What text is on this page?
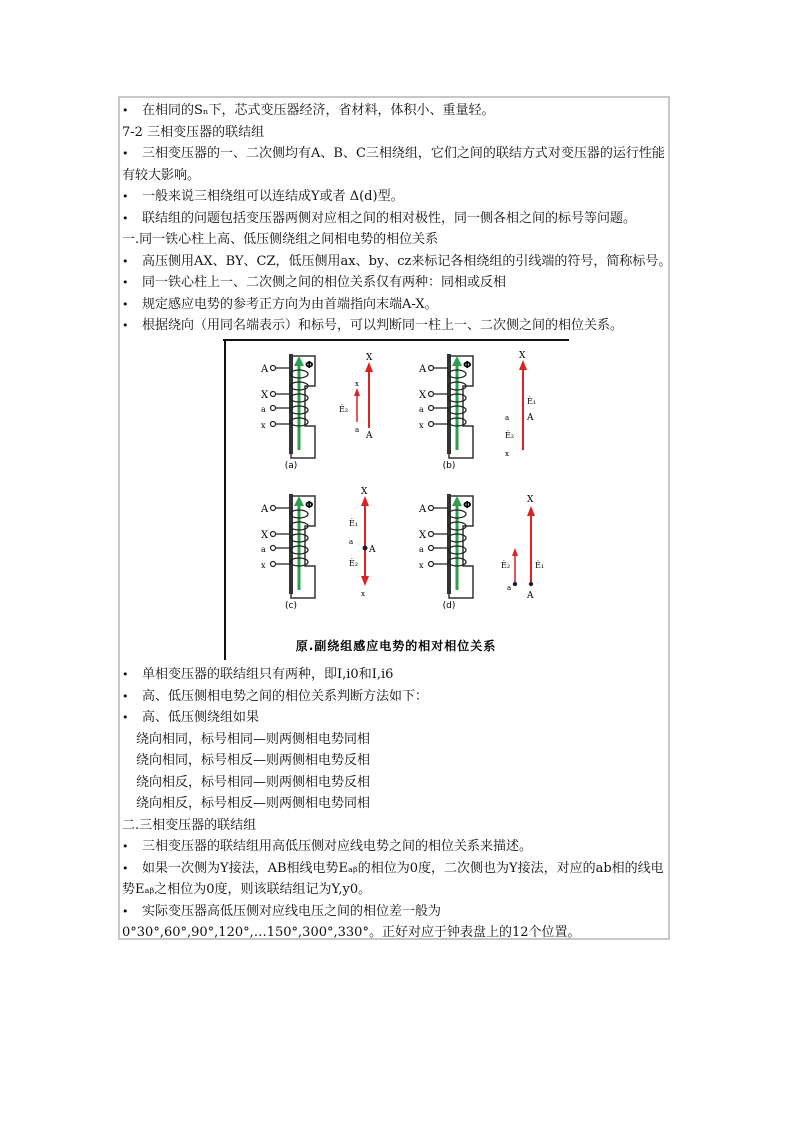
• 在相同的Sₙ下，芯式变压器经济，省材料，体积小、重量轻。
7-2 三相变压器的联结组
• 三相变压器的一、二次侧均有A、B、C三相绕组，它们之间的联结方式对变压器的运行性能有较大影响。
• 一般来说三相绕组可以连结成Y或者 Δ(d)型。
• 联结组的问题包括变压器两侧对应相之间的相对极性，同一侧各相之间的标号等问题。
一.同一铁心柱上高、低压侧绕组之间相电势的相位关系
• 高压侧用AX、BY、CZ，低压侧用ax、by、cz来标记各相绕组的引线端的符号，简称标号。
• 同一铁心柱上一、二次侧之间的相位关系仅有两种：同相或反相
• 规定感应电势的参考正方向为由首端指向末端A-X。
• 根据绕向（用同名端表示）和标号，可以判断同一柱上一、二次侧之间的相位关系。
Φ
A
X
a
x
(a)
X
A
Ė₂
x
a
Φ
A
X
a
x
(b)
X
Ė₁
A
a
Ė₂
x
Φ
A
X
a
x
(c)
X
Ė₁
A
a
Ė₂
x
Φ
A
X
a
x
(d)
X
Ė₂	Ė₁
a
A
原.副绕组感应电势的相对相位关系
• 单相变压器的联结组只有两种，即I,i0和I,i6
• 高、低压侧相电势之间的相位关系判断方法如下：
• 高、低压侧绕组如果
绕向相同，标号相同—则两侧相电势同相
绕向相同，标号相反—则两侧相电势反相
绕向相反，标号相同—则两侧相电势反相
绕向相反，标号相反—则两侧相电势同相
二.三相变压器的联结组
• 三相变压器的联结组用高低压侧对应线电势之间的相位关系来描述。
• 如果一次侧为Y接法，AB相线电势Eₐᵦ的相位为0度，二次侧也为Y接法，对应的ab相的线电势Eₐᵦ之相位为0度，则该联结组记为Y,y0。
• 实际变压器高低压侧对应线电压之间的相位差一般为
0°30°,60°,90°,120°,…150°,300°,330°。正好对应于钟表盘上的12个位置。
